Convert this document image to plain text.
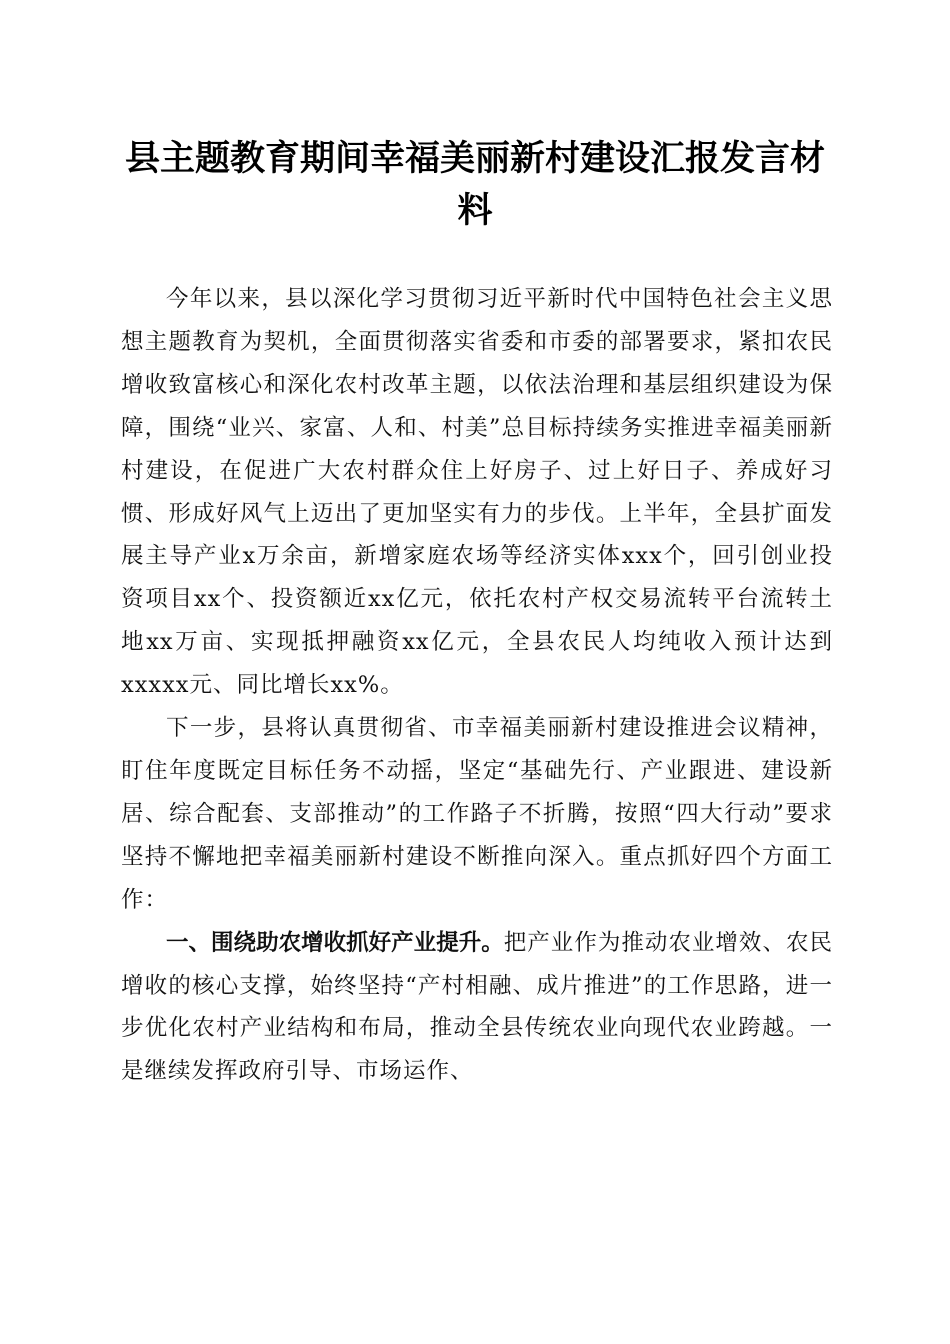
县主题教育期间幸福美丽新村建设汇报发言材料

今年以来，县以深化学习贯彻习近平新时代中国特色社会主义思想主题教育为契机，全面贯彻落实省委和市委的部署要求，紧扣农民增收致富核心和深化农村改革主题，以依法治理和基层组织建设为保障，围绕“业兴、家富、人和、村美”总目标持续务实推进幸福美丽新村建设，在促进广大农村群众住上好房子、过上好日子、养成好习惯、形成好风气上迈出了更加坚实有力的步伐。上半年，全县扩面发展主导产业x万余亩，新增家庭农场等经济实体xxx个，回引创业投资项目xx个、投资额近xx亿元，依托农村产权交易流转平台流转土地xx万亩、实现抵押融资xx亿元，全县农民人均纯收入预计达到xxxxx元、同比增长xx%。

下一步，县将认真贯彻省、市幸福美丽新村建设推进会议精神，盯住年度既定目标任务不动摇，坚定“基础先行、产业跟进、建设新居、综合配套、支部推动”的工作路子不折腾，按照“四大行动”要求坚持不懈地把幸福美丽新村建设不断推向深入。重点抓好四个方面工作：

一、围绕助农增收抓好产业提升。把产业作为推动农业增效、农民增收的核心支撑，始终坚持“产村相融、成片推进”的工作思路，进一步优化农村产业结构和布局，推动全县传统农业向现代农业跨越。一是继续发挥政府引导、市场运作、
